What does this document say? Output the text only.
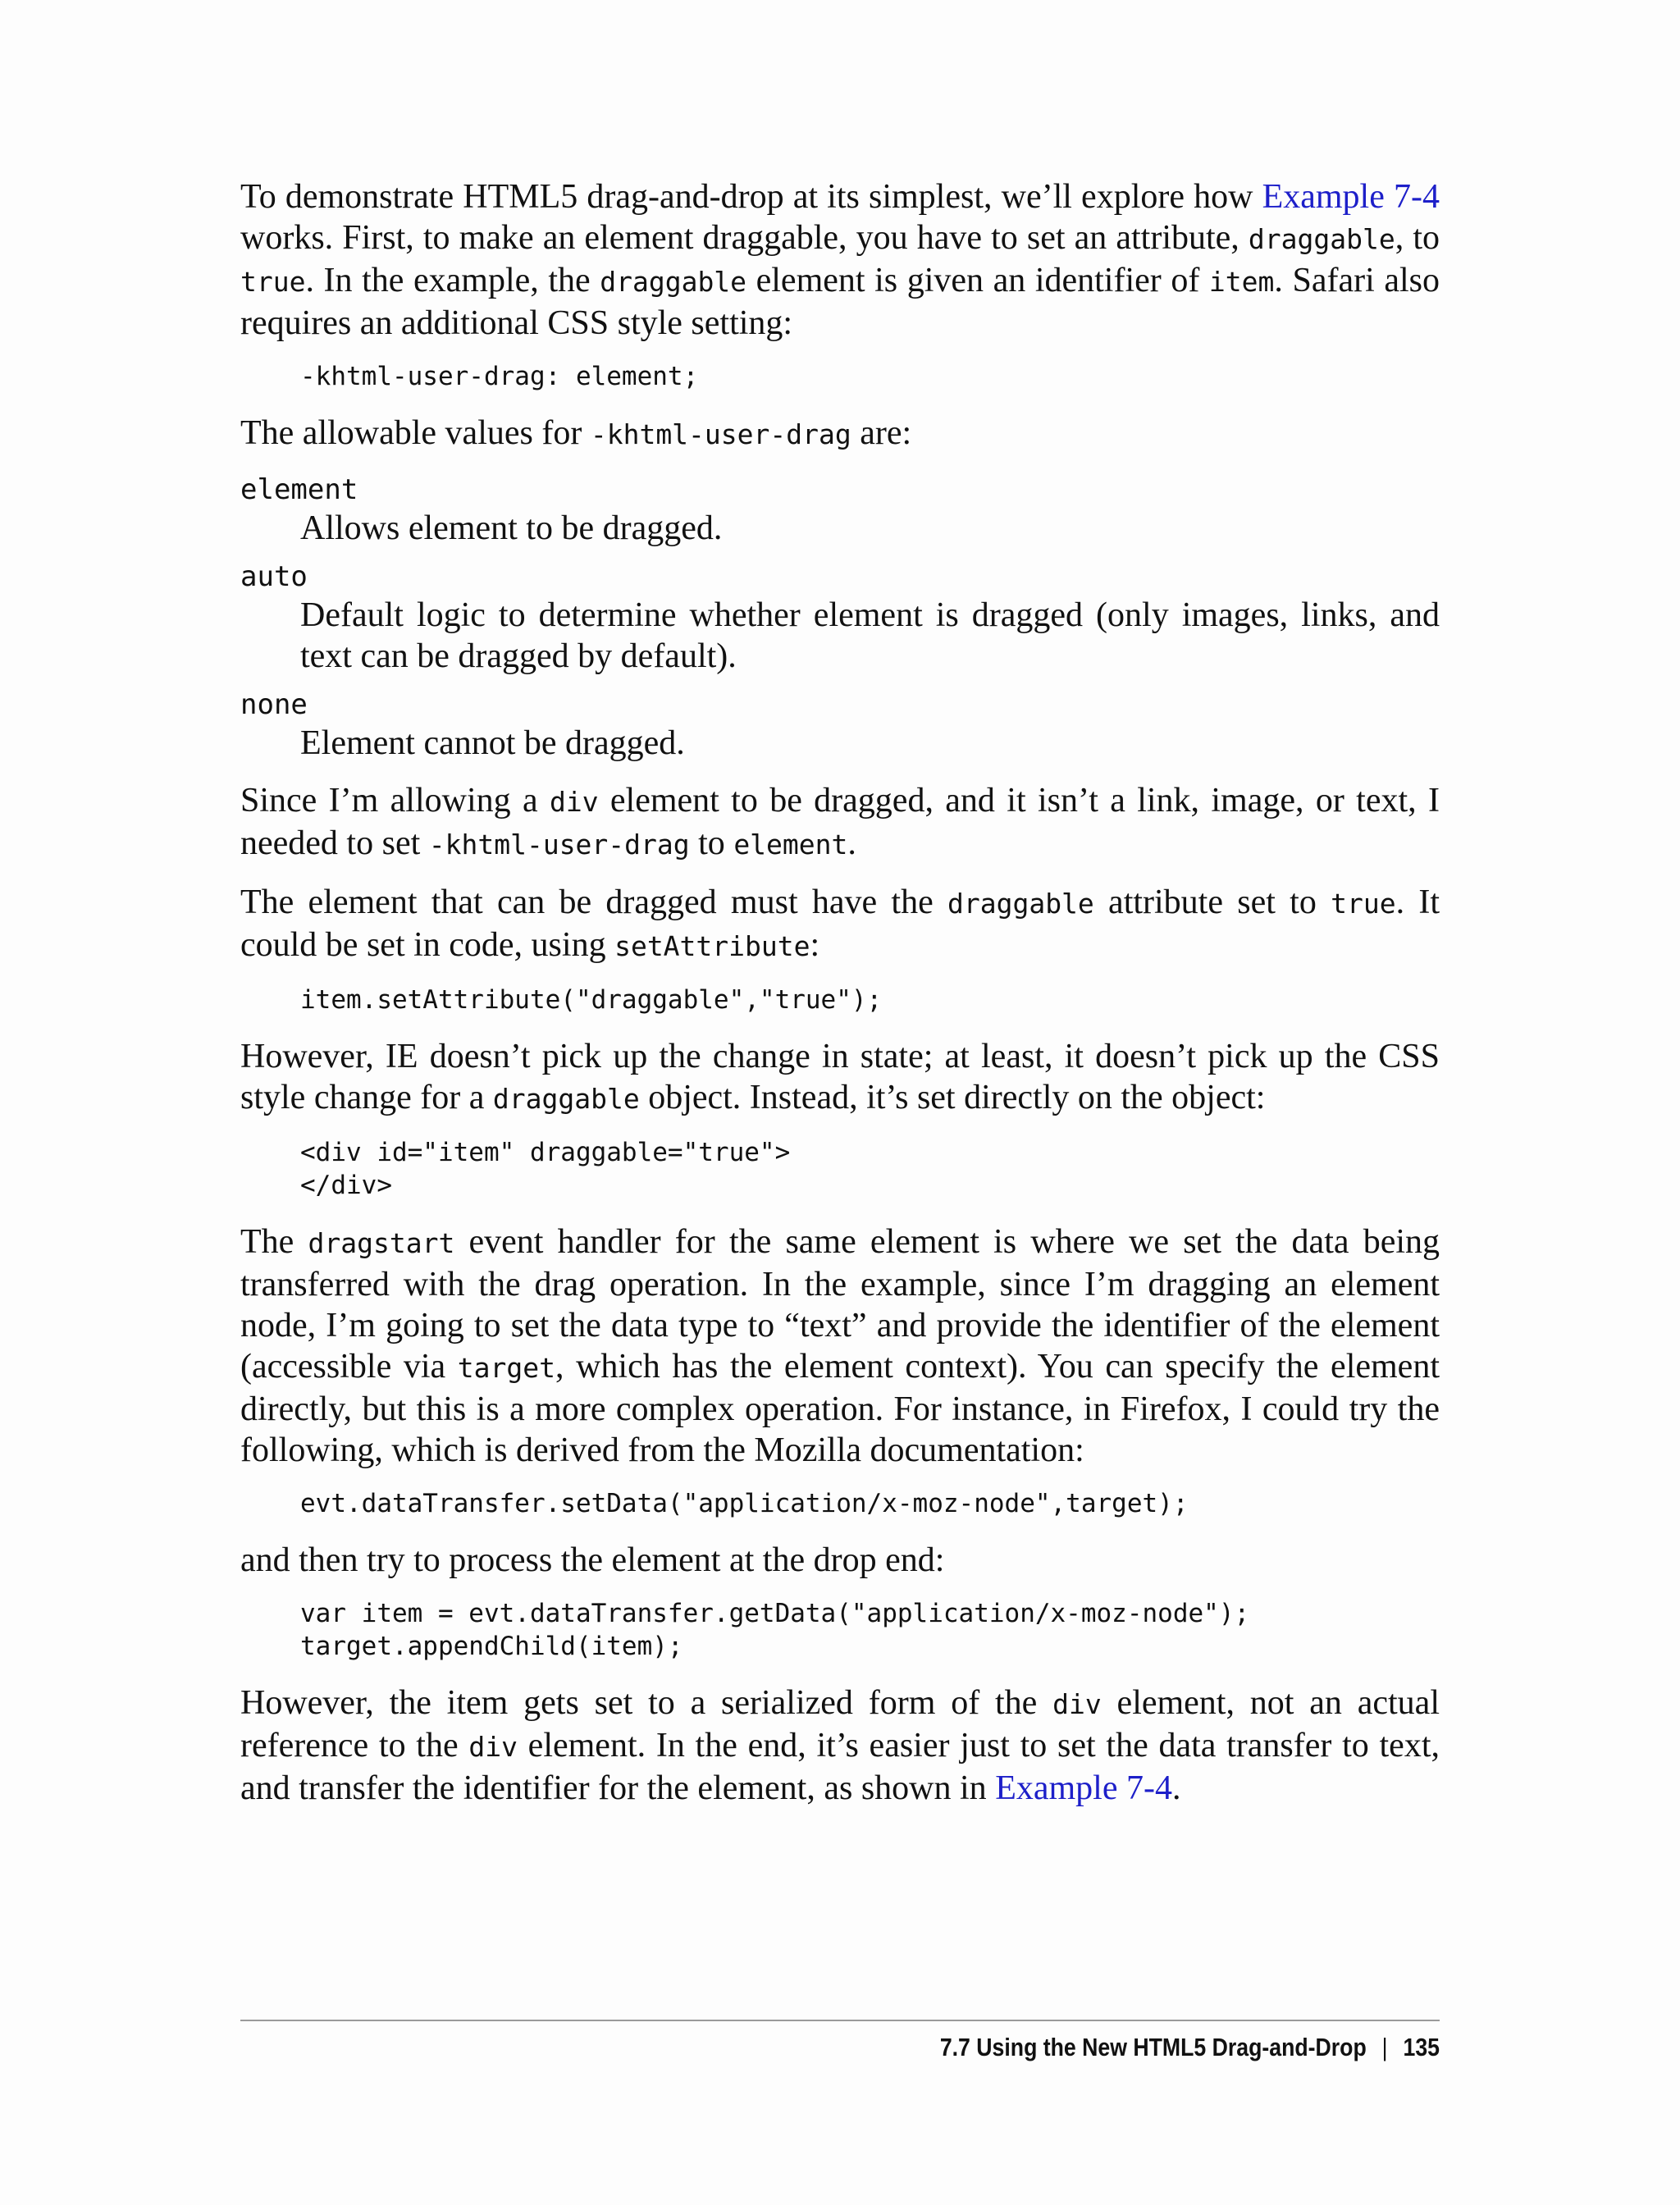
To demonstrate HTML5 drag-and-drop at its simplest, we’ll explore how Example 7-4 works. First, to make an element draggable, you have to set an attribute, draggable, to true. In the example, the draggable element is given an identifier of item. Safari also requires an additional CSS style setting:

-khtml-user-drag: element;

The allowable values for -khtml-user-drag are:

element
Allows element to be dragged.
auto
Default logic to determine whether element is dragged (only images, links, and text can be dragged by default).
none
Element cannot be dragged.

Since I’m allowing a div element to be dragged, and it isn’t a link, image, or text, I needed to set -khtml-user-drag to element.

The element that can be dragged must have the draggable attribute set to true. It could be set in code, using setAttribute:

item.setAttribute("draggable","true");

However, IE doesn’t pick up the change in state; at least, it doesn’t pick up the CSS style change for a draggable object. Instead, it’s set directly on the object:

<div id="item" draggable="true">
</div>

The dragstart event handler for the same element is where we set the data being transferred with the drag operation. In the example, since I’m dragging an element node, I’m going to set the data type to “text” and provide the identifier of the element (accessible via target, which has the element context). You can specify the element directly, but this is a more complex operation. For instance, in Firefox, I could try the following, which is derived from the Mozilla documentation:

evt.dataTransfer.setData("application/x-moz-node",target);

and then try to process the element at the drop end:

var item = evt.dataTransfer.getData("application/x-moz-node");
target.appendChild(item);

However, the item gets set to a serialized form of the div element, not an actual reference to the div element. In the end, it’s easier just to set the data transfer to text, and transfer the identifier for the element, as shown in Example 7-4.

7.7 Using the New HTML5 Drag-and-Drop | 135
